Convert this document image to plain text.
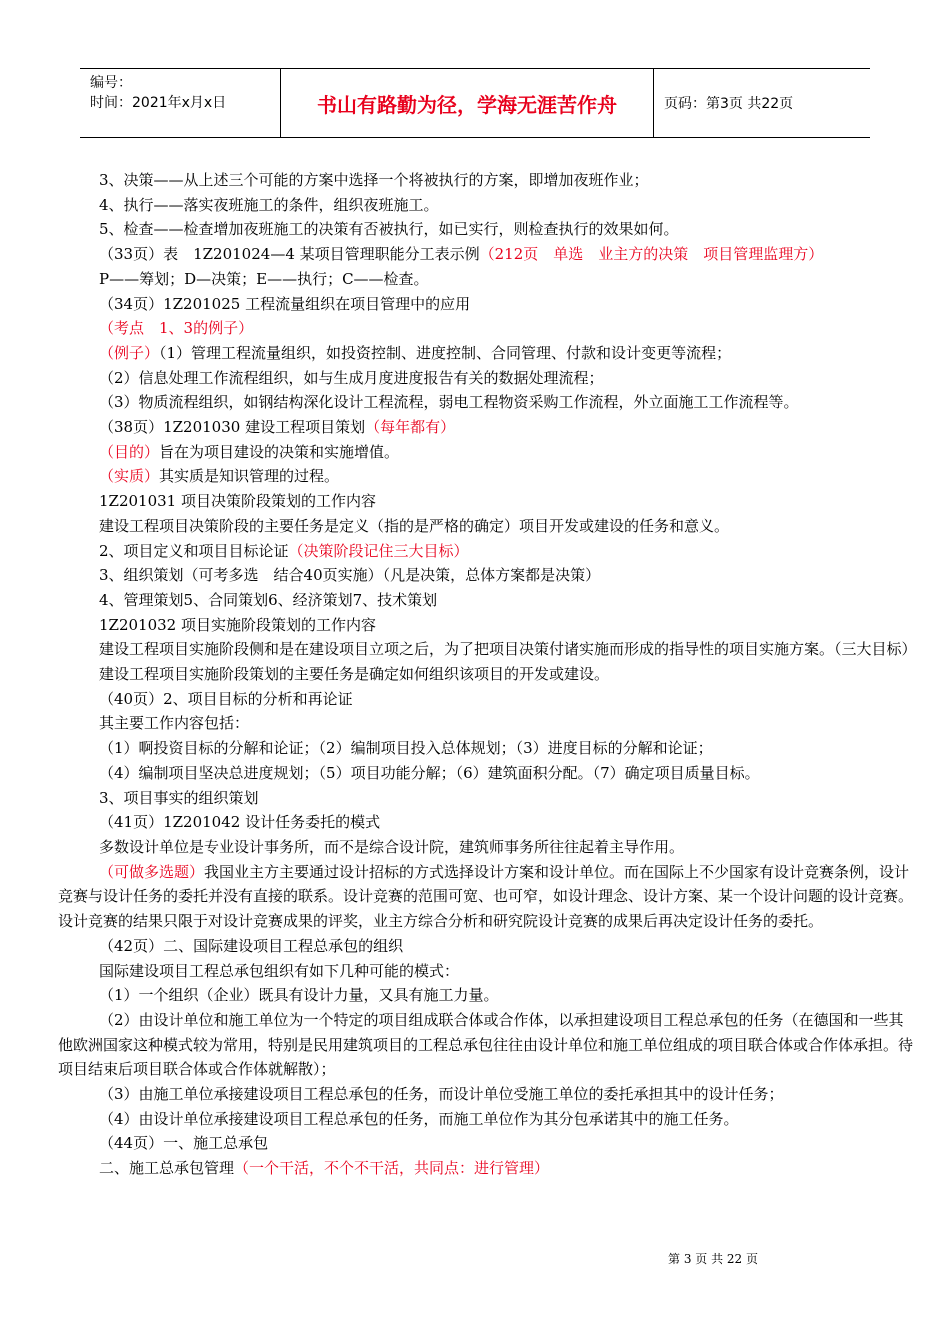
编号：
时间：2021年x月x日	书山有路勤为径，学海无涯苦作舟	页码：第3页 共22页

3、决策——从上述三个可能的方案中选择一个将被执行的方案，即增加夜班作业；

4、执行——落实夜班施工的条件，组织夜班施工。

5、检查——检查增加夜班施工的决策有否被执行，如已实行，则检查执行的效果如何。

（33页）表　1Z201024—4 某项目管理职能分工表示例（212页　单选　业主方的决策　项目管理监理方）

P——筹划；D—决策；E——执行；C——检查。

（34页）1Z201025 工程流量组织在项目管理中的应用

（考点　1、3的例子）

（例子）（1）管理工程流量组织，如投资控制、进度控制、合同管理、付款和设计变更等流程；

（2）信息处理工作流程组织，如与生成月度进度报告有关的数据处理流程；

（3）物质流程组织，如钢结构深化设计工程流程，弱电工程物资采购工作流程，外立面施工工作流程等。

（38页）1Z201030 建设工程项目策划（每年都有）

（目的）旨在为项目建设的决策和实施增值。

（实质）其实质是知识管理的过程。

1Z201031 项目决策阶段策划的工作内容

建设工程项目决策阶段的主要任务是定义（指的是严格的确定）项目开发或建设的任务和意义。

2、项目定义和项目目标论证（决策阶段记住三大目标）

3、组织策划（可考多选　结合40页实施）（凡是决策，总体方案都是决策）

4、管理策划5、合同策划6、经济策划7、技术策划

1Z201032 项目实施阶段策划的工作内容

建设工程项目实施阶段侧和是在建设项目立项之后，为了把项目决策付诸实施而形成的指导性的项目实施方案。（三大目标）

建设工程项目实施阶段策划的主要任务是确定如何组织该项目的开发或建设。

（40页）2、项目目标的分析和再论证

其主要工作内容包括：

（1）啊投资目标的分解和论证；（2）编制项目投入总体规划；（3）进度目标的分解和论证；

（4）编制项目坚决总进度规划；（5）项目功能分解；（6）建筑面积分配。（7）确定项目质量目标。

3、项目事实的组织策划

（41页）1Z201042 设计任务委托的模式

多数设计单位是专业设计事务所，而不是综合设计院，建筑师事务所往往起着主导作用。

（可做多选题）我国业主方主要通过设计招标的方式选择设计方案和设计单位。而在国际上不少国家有设计竞赛条例，设计竞赛与设计任务的委托并没有直接的联系。设计竞赛的范围可宽、也可窄，如设计理念、设计方案、某一个设计问题的设计竞赛。设计竞赛的结果只限于对设计竞赛成果的评奖，业主方综合分析和研究院设计竞赛的成果后再决定设计任务的委托。

（42页）二、国际建设项目工程总承包的组织

国际建设项目工程总承包组织有如下几种可能的模式：

（1）一个组织（企业）既具有设计力量，又具有施工力量。

（2）由设计单位和施工单位为一个特定的项目组成联合体或合作体，以承担建设项目工程总承包的任务（在德国和一些其他欧洲国家这种模式较为常用，特别是民用建筑项目的工程总承包往往由设计单位和施工单位组成的项目联合体或合作体承担。待项目结束后项目联合体或合作体就解散）；

（3）由施工单位承接建设项目工程总承包的任务，而设计单位受施工单位的委托承担其中的设计任务；

（4）由设计单位承接建设项目工程总承包的任务，而施工单位作为其分包承诺其中的施工任务。

（44页）一、施工总承包

二、施工总承包管理（一个干活，不个不干活，共同点：进行管理）

第 3 页 共 22 页
